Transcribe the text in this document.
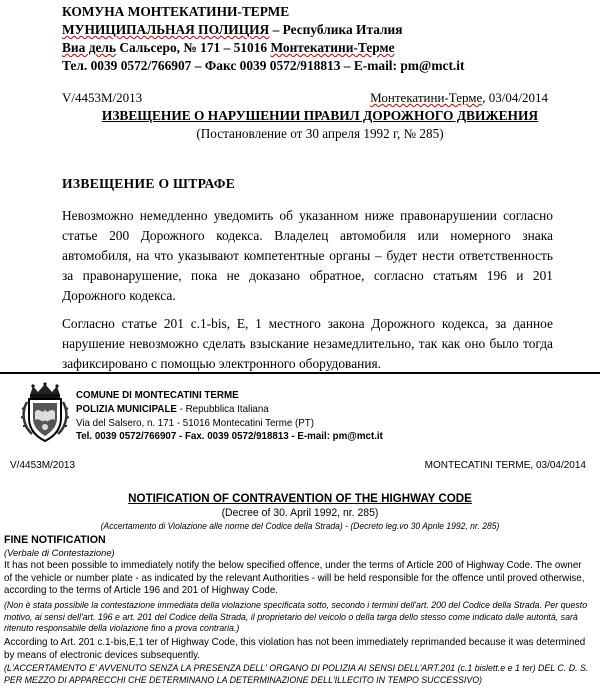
КОМУНА МОНТЕКАТИНИ-ТЕРМЕ
МУНИЦИПАЛЬНАЯ ПОЛИЦИЯ – Республика Италия
Виа дель Сальсеро, № 171 – 51016 Монтекатини-Терме
Тел. 0039 0572/766907 – Факс 0039 0572/918813 – E-mail: pm@mct.it
V/4453M/2013	Монтекатини-Терме, 03/04/2014
ИЗВЕЩЕНИЕ О НАРУШЕНИИ ПРАВИЛ ДОРОЖНОГО ДВИЖЕНИЯ
(Постановление от 30 апреля 1992 г, № 285)
ИЗВЕЩЕНИЕ О ШТРАФЕ
Невозможно немедленно уведомить об указанном ниже правонарушении согласно статье 200 Дорожного кодекса. Владелец автомобиля или номерного знака автомобиля, на что указывают компетентные органы – будет нести ответственность за правонарушение, пока не доказано обратное, согласно статьям 196 и 201 Дорожного кодекса.
Согласно статье 201 с.1-bis, E, 1 местного закона Дорожного кодекса, за данное нарушение невозможно сделать взыскание незамедлительно, так как оно было тогда зафиксировано с помощью электронного оборудования.
COMUNE DI MONTECATINI TERME
POLIZIA MUNICIPALE - Repubblica Italiana
Via del Salsero, n. 171 - 51016 Montecatini Terme (PT)
Tel. 0039 0572/766907 - Fax. 0039 0572/918813 - E-mail: pm@mct.it
V/4453M/2013	MONTECATINI TERME, 03/04/2014
NOTIFICATION OF CONTRAVENTION OF THE HIGHWAY CODE
(Decree of 30. April 1992, nr. 285)
(Accertamento di Violazione alle norme del Codice della Strada) - (Decreto leg.vo 30 Aprile 1992, nr. 285)
FINE NOTIFICATION
(Verbale di Contestazione)
It has not been possible to immediately notify the below specified offence, under the terms of Article 200 of Highway Code. The owner of the vehicle or number plate - as indicated by the relevant Authorities - will be held responsible for the offence until proved otherwise, according to the terms of Article 196 and 201 of Highway Code.
(Non è stata possibile la contestazione immediata della violazione specificata sotto, secondo i termini dell'art. 200 del Codice della Strada. Per questo motivo, ai sensi dell'art. 196 e art. 201 del Codice della Strada, il proprietario del veicolo o della targa dello stesso come indicato dalle autorità, sarà ritenuto responsabile della violazione fino a prova contraria.)
According to Art. 201 c.1-bis,E,1 ter of Highway Code, this violation has not been immediately reprimanded because it was determined by means of electronic devices subsequently.
(L'ACCERTAMENTO E' AVVENUTO SENZA LA PRESENZA DELL' ORGANO DI POLIZIA AI SENSI DELL'ART.201 (c.1 bislett.e e 1 ter) DEL C. D. S. PER MEZZO DI APPARECCHI CHE DETERMINANO LA DETERMINAZIONE DELL'ILLECITO IN TEMPO SUCCESSIVO)
